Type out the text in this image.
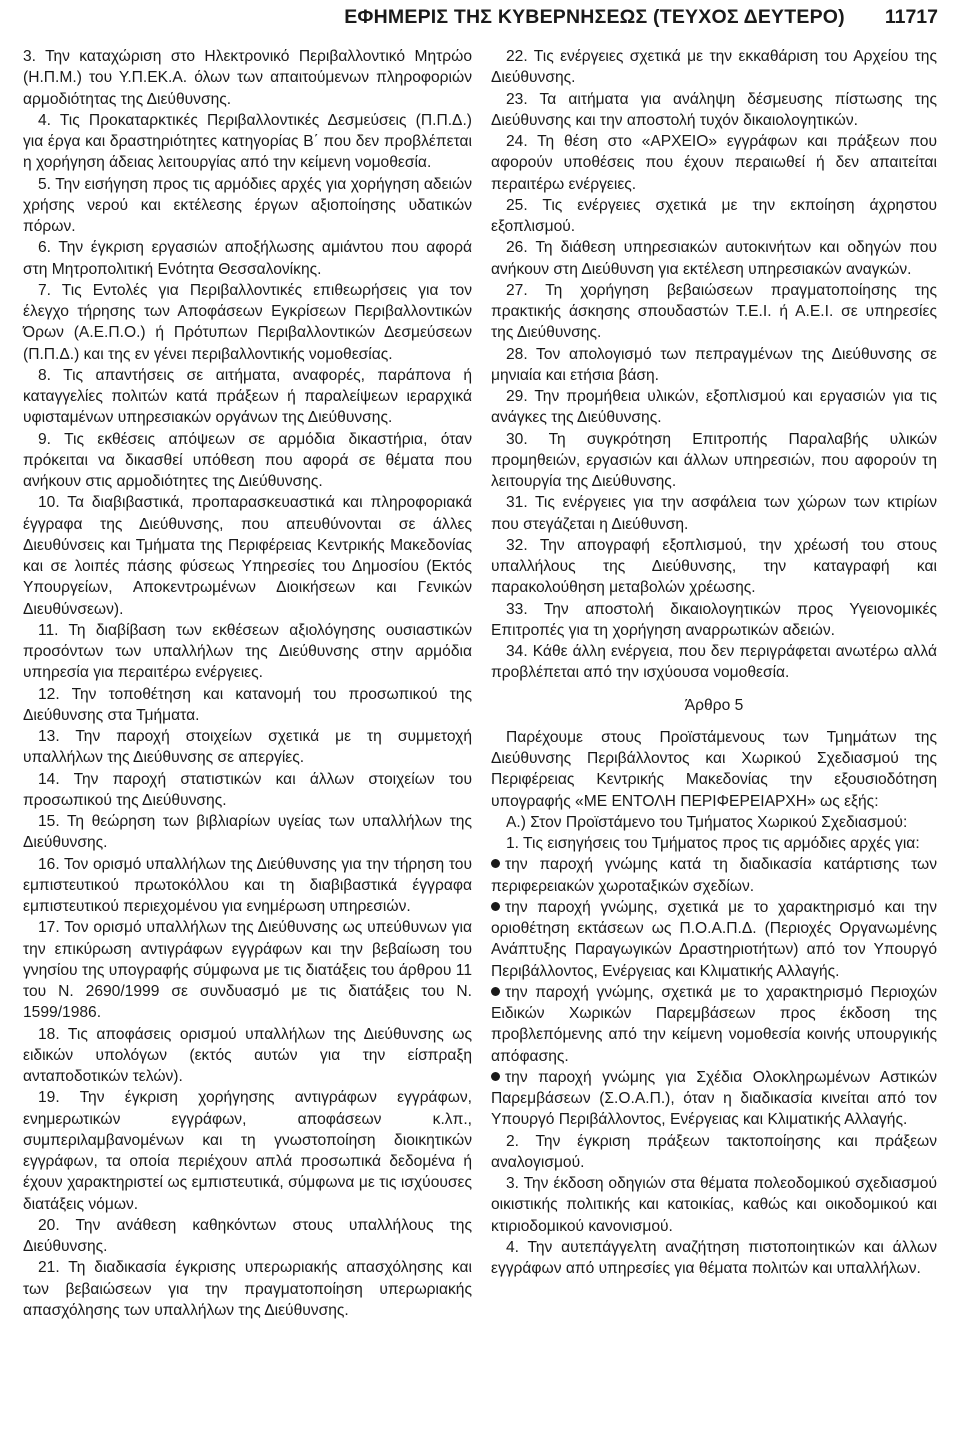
ΕΦΗΜΕΡΙΣ ΤΗΣ ΚΥΒΕΡΝΗΣΕΩΣ (ΤΕΥΧΟΣ ΔΕΥΤΕΡΟ) 11717

3. Την καταχώριση στο Ηλεκτρονικό Περιβαλλοντικό Μητρώο (Η.Π.Μ.) του Υ.Π.ΕΚ.Α. όλων των απαιτούμενων πληροφοριών αρμοδιότητας της Διεύθυνσης.

4. Τις Προκαταρκτικές Περιβαλλοντικές Δεσμεύσεις (Π.Π.Δ.) για έργα και δραστηριότητες κατηγορίας Β΄ που δεν προβλέπεται η χορήγηση άδειας λειτουργίας από την κείμενη νομοθεσία.

5. Την εισήγηση προς τις αρμόδιες αρχές για χορήγηση αδειών χρήσης νερού και εκτέλεσης έργων αξιοποίησης υδατικών πόρων.

6. Την έγκριση εργασιών αποξήλωσης αμιάντου που αφορά στη Μητροπολιτική Ενότητα Θεσσαλονίκης.

7. Τις Εντολές για Περιβαλλοντικές επιθεωρήσεις για τον έλεγχο τήρησης των Αποφάσεων Εγκρίσεων Περιβαλλοντικών Όρων (Α.Ε.Π.Ο.) ή Πρότυπων Περιβαλλοντικών Δεσμεύσεων (Π.Π.Δ.) και της εν γένει περιβαλλοντικής νομοθεσίας.

8. Τις απαντήσεις σε αιτήματα, αναφορές, παράπονα ή καταγγελίες πολιτών κατά πράξεων ή παραλείψεων ιεραρχικά υφισταμένων υπηρεσιακών οργάνων της Διεύθυνσης.

9. Τις εκθέσεις απόψεων σε αρμόδια δικαστήρια, όταν πρόκειται να δικασθεί υπόθεση που αφορά σε θέματα που ανήκουν στις αρμοδιότητες της Διεύθυνσης.

10. Τα διαβιβαστικά, προπαρασκευαστικά και πληροφοριακά έγγραφα της Διεύθυνσης, που απευθύνονται σε άλλες Διευθύνσεις και Τμήματα της Περιφέρειας Κεντρικής Μακεδονίας και σε λοιπές πάσης φύσεως Υπηρεσίες του Δημοσίου (Εκτός Υπουργείων, Αποκεντρωμένων Διοικήσεων και Γενικών Διευθύνσεων).

11. Τη διαβίβαση των εκθέσεων αξιολόγησης ουσιαστικών προσόντων των υπαλλήλων της Διεύθυνσης στην αρμόδια υπηρεσία για περαιτέρω ενέργειες.

12. Την τοποθέτηση και κατανομή του προσωπικού της Διεύθυνσης στα Τμήματα.

13. Την παροχή στοιχείων σχετικά με τη συμμετοχή υπαλλήλων της Διεύθυνσης σε απεργίες.

14. Την παροχή στατιστικών και άλλων στοιχείων του προσωπικού της Διεύθυνσης.

15. Τη θεώρηση των βιβλιαρίων υγείας των υπαλλήλων της Διεύθυνσης.

16. Τον ορισμό υπαλλήλων της Διεύθυνσης για την τήρηση του εμπιστευτικού πρωτοκόλλου και τη διαβιβαστικά έγγραφα εμπιστευτικού περιεχομένου για ενημέρωση υπηρεσιών.

17. Τον ορισμό υπαλλήλων της Διεύθυνσης ως υπεύθυνων για την επικύρωση αντιγράφων εγγράφων και την βεβαίωση του γνησίου της υπογραφής σύμφωνα με τις διατάξεις του άρθρου 11 του Ν. 2690/1999 σε συνδυασμό με τις διατάξεις του Ν. 1599/1986.

18. Τις αποφάσεις ορισμού υπαλλήλων της Διεύθυνσης ως ειδικών υπολόγων (εκτός αυτών για την είσπραξη ανταποδοτικών τελών).

19. Την έγκριση χορήγησης αντιγράφων εγγράφων, ενημερωτικών εγγράφων, αποφάσεων κ.λπ., συμπεριλαμβανομένων και τη γνωστοποίηση διοικητικών εγγράφων, τα οποία περιέχουν απλά προσωπικά δεδομένα ή έχουν χαρακτηριστεί ως εμπιστευτικά, σύμφωνα με τις ισχύουσες διατάξεις νόμων.

20. Την ανάθεση καθηκόντων στους υπαλλήλους της Διεύθυνσης.

21. Τη διαδικασία έγκρισης υπερωριακής απασχόλησης και των βεβαιώσεων για την πραγματοποίηση υπερωριακής απασχόλησης των υπαλλήλων της Διεύθυνσης.

22. Τις ενέργειες σχετικά με την εκκαθάριση του Αρχείου της Διεύθυνσης.

23. Τα αιτήματα για ανάληψη δέσμευσης πίστωσης της Διεύθυνσης και την αποστολή τυχόν δικαιολογητικών.

24. Τη θέση στο «ΑΡΧΕΙΟ» εγγράφων και πράξεων που αφορούν υποθέσεις που έχουν περαιωθεί ή δεν απαιτείται περαιτέρω ενέργειες.

25. Τις ενέργειες σχετικά με την εκποίηση άχρηστου εξοπλισμού.

26. Τη διάθεση υπηρεσιακών αυτοκινήτων και οδηγών που ανήκουν στη Διεύθυνση για εκτέλεση υπηρεσιακών αναγκών.

27. Τη χορήγηση βεβαιώσεων πραγματοποίησης της πρακτικής άσκησης σπουδαστών Τ.Ε.Ι. ή Α.Ε.Ι. σε υπηρεσίες της Διεύθυνσης.

28. Τον απολογισμό των πεπραγμένων της Διεύθυνσης σε μηνιαία και ετήσια βάση.

29. Την προμήθεια υλικών, εξοπλισμού και εργασιών για τις ανάγκες της Διεύθυνσης.

30. Τη συγκρότηση Επιτροπής Παραλαβής υλικών προμηθειών, εργασιών και άλλων υπηρεσιών, που αφορούν τη λειτουργία της Διεύθυνσης.

31. Τις ενέργειες για την ασφάλεια των χώρων των κτιρίων που στεγάζεται η Διεύθυνση.

32. Την απογραφή εξοπλισμού, την χρέωσή του στους υπαλλήλους της Διεύθυνσης, την καταγραφή και παρακολούθηση μεταβολών χρέωσης.

33. Την αποστολή δικαιολογητικών προς Υγειονομικές Επιτροπές για τη χορήγηση αναρρωτικών αδειών.

34. Κάθε άλλη ενέργεια, που δεν περιγράφεται ανωτέρω αλλά προβλέπεται από την ισχύουσα νομοθεσία.

Άρθρο 5

Παρέχουμε στους Προϊστάμενους των Τμημάτων της Διεύθυνσης Περιβάλλοντος και Χωρικού Σχεδιασμού της Περιφέρειας Κεντρικής Μακεδονίας την εξουσιοδότηση υπογραφής «ΜΕ ΕΝΤΟΛΗ ΠΕΡΙΦΕΡΕΙΑΡΧΗ» ως εξής:

Α.) Στον Προϊστάμενο του Τμήματος Χωρικού Σχεδιασμού:

1. Τις εισηγήσεις του Τμήματος προς τις αρμόδιες αρχές για:

την παροχή γνώμης κατά τη διαδικασία κατάρτισης των περιφερειακών χωροταξικών σχεδίων.

την παροχή γνώμης, σχετικά με το χαρακτηρισμό και την οριοθέτηση εκτάσεων ως Π.Ο.Α.Π.Δ. (Περιοχές Οργανωμένης Ανάπτυξης Παραγωγικών Δραστηριοτήτων) από τον Υπουργό Περιβάλλοντος, Ενέργειας και Κλιματικής Αλλαγής.

την παροχή γνώμης, σχετικά με το χαρακτηρισμό Περιοχών Ειδικών Χωρικών Παρεμβάσεων προς έκδοση της προβλεπόμενης από την κείμενη νομοθεσία κοινής υπουργικής απόφασης.

την παροχή γνώμης για Σχέδια Ολοκληρωμένων Αστικών Παρεμβάσεων (Σ.Ο.Α.Π.), όταν η διαδικασία κινείται από τον Υπουργό Περιβάλλοντος, Ενέργειας και Κλιματικής Αλλαγής.

2. Την έγκριση πράξεων τακτοποίησης και πράξεων αναλογισμού.

3. Την έκδοση οδηγιών στα θέματα πολεοδομικού σχεδιασμού οικιστικής πολιτικής και κατοικίας, καθώς και οικοδομικού και κτιριοδομικού κανονισμού.

4. Την αυτεπάγγελτη αναζήτηση πιστοποιητικών και άλλων εγγράφων από υπηρεσίες για θέματα πολιτών και υπαλλήλων.
